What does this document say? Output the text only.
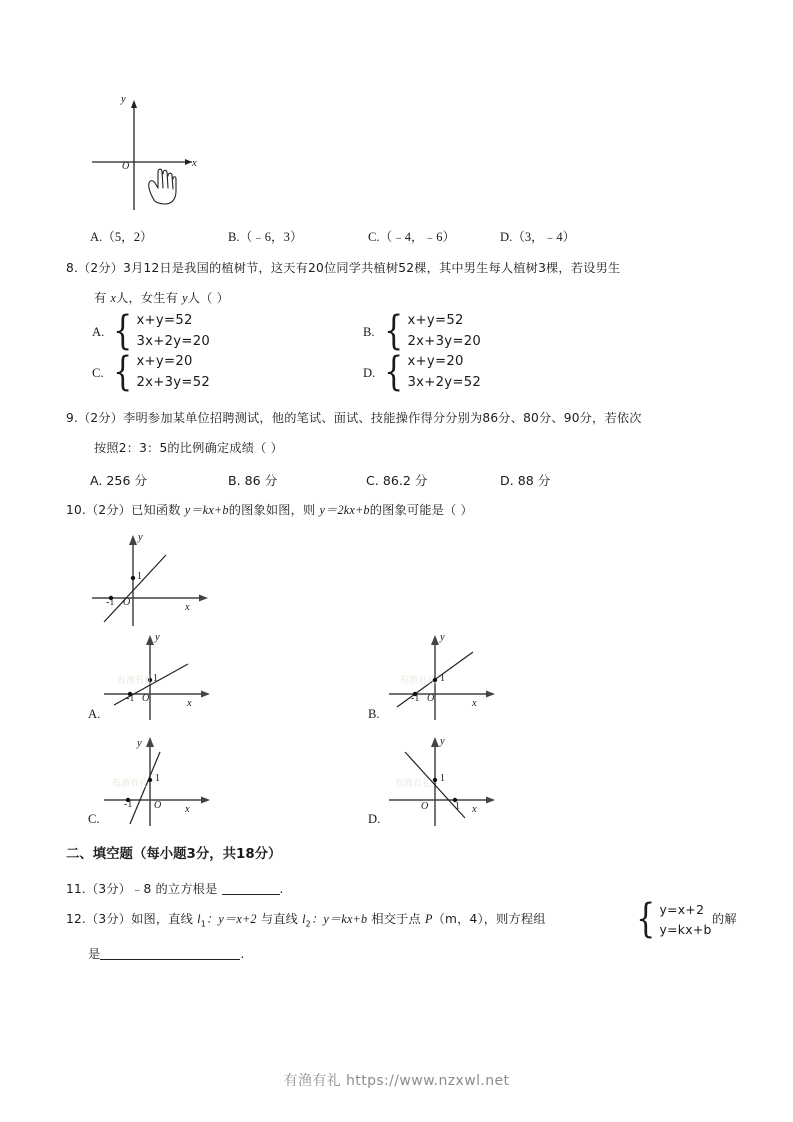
y
x
O
A.（5，2）	B.（﹣6，3）	C.（﹣4，﹣6）	D.（3，﹣4）
8.（2分）3月12日是我国的植树节，这天有20位同学共植树52棵，其中男生每人植树3棵，若设男生
有 x人，女生有 y人（ ）
A. { x+y=52
3x+2y=20
B. { x+y=52
2x+3y=20
C. { x+y=20
2x+3y=52
D. { x+y=20
3x+2y=52
9.（2分）李明参加某单位招聘测试，他的笔试、面试、技能操作得分分别为86分、80分、90分，若依次
按照2：3：5的比例确定成绩（ ）
A. 256 分	B. 86 分	C. 86.2 分	D. 88 分
10.（2分）已知函数 y＝kx+b的图象如图，则 y＝2kx+b的图象可能是（ ）
y
x
O
-1
1
y
x
O
-1
1
A.
有渔有礼
y
x
O
-1
1
B.
有渔有礼
y
x
O
-1
1
C.
有渔有礼
y
x
O
1
1
D.
有渔有礼
二、填空题（每小题3分，共18分）
11.（3分）﹣8 的立方根是	.
12.（3分）如图，直线 $l_1$：y＝x+2 与直线 $l_2$：y＝kx+b 相交于点 P（m，4），则方程组 { y=x+2
y=kx+b
的解
是	.
有渔有礼 https://www.nzxwl.net
